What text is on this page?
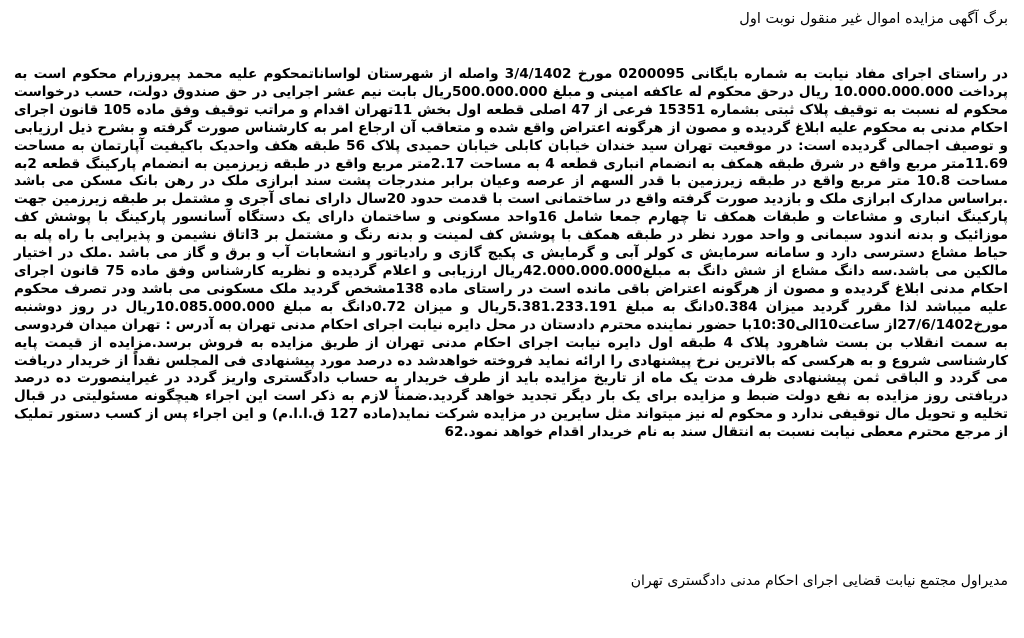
برگ آگهی مزایده اموال غیر منقول نوبت اول
در راستای اجرای مفاد نیابت به شماره بایگانی 0200095 مورخ 3/4/1402 واصله از شهرستان لواساناتمحکوم علیه محمد پیروزرام محکوم است به پرداخت 10.000.000.000 ریال درحق محکوم له عاکفه امینی و مبلغ 500.000.000ریال بابت نیم عشر اجرایی در حق صندوق دولت، حسب درخواست محکوم له نسبت به توقیف پلاک ثبتی بشماره 15351 فرعی از 47 اصلی قطعه اول بخش 11تهران اقدام و مراتب توقیف وفق ماده 105 قانون اجرای احکام مدنی به محکوم علیه ابلاغ گردیده و مصون از هرگونه اعتراض واقع شده و متعاقب آن ارجاع امر به کارشناس صورت گرفته و بشرح ذیل ارزیابی و توصیف اجمالی گردیده است: در موقعیت تهران سید خندان خیابان کابلی خیابان حمیدی پلاک 56 طبقه هکف واحدیک باکیفیت آپارتمان به مساحت 11.69متر مربع واقع در شرق طبقه همکف به انضمام انباری قطعه 4 به مساحت 2.17متر مربع واقع در طبقه زیرزمین به انضمام پارکینگ قطعه 2به مساحت 10.8 متر مربع واقع در طبقه زیرزمین با قدر السهم از عرصه وعیان برابر مندرجات پشت سند ابرازی ملک در رهن بانک مسکن می باشد .براساس مدارک ابرازی ملک و بازدید صورت گرفته واقع در ساختمانی است با قدمت حدود 20سال دارای نمای آجری و مشتمل بر طبقه زیرزمین جهت پارکینگ انباری و مشاعات و طبقات همکف تا چهارم جمعا شامل 16واحد مسکونی و ساختمان دارای یک دستگاه آسانسور پارکینگ با پوشش کف موزائیک و بدنه اندود سیمانی و واحد مورد نظر در طبقه همکف با پوشش کف لمینت و بدنه رنگ و مشتمل بر 3اتاق نشیمن و پذیرایی با راه پله به حیاط مشاع دسترسی دارد و سامانه سرمایش ی کولر آبی و گرمایش ی پکیج گازی و رادیاتور و انشعابات آب و برق و گاز می باشد .ملک در اختیار مالکین می باشد.سه دانگ مشاع از شش دانگ به مبلغ42.000.000.000ریال ارزیابی و اعلام گردیده و نظریه کارشناس وفق ماده 75 قانون اجرای احکام مدنی ابلاغ گردیده و مصون از هرگونه اعتراض باقی مانده است در راستای ماده 138مشخص گردید ملک مسکونی می باشد ودر تصرف محکوم علیه میباشد لذا مقرر گردید میزان 0.384دانگ به مبلغ 5.381.233.191ریال و میزان 0.72دانگ به مبلغ 10.085.000.000ریال در روز دوشنبه مورخ27/6/1402از ساعت10الی10:30با حضور نماینده محترم دادستان در محل دایره نیابت اجرای احکام مدنی تهران به آدرس : تهران میدان فردوسی به سمت انقلاب بن بست شاهرود پلاک 4 طبقه اول دایره نیابت اجرای احکام مدنی تهران از طریق مزایده به فروش برسد.مزایده از قیمت پایه کارشناسی شروع و به هرکسی که بالاترین نرخ پیشنهادی را ارائه نماید فروخته خواهدشد ده درصد مورد پیشنهادی فی المجلس نقداً از خریدار دریافت می گردد و الباقی ثمن پیشنهادی ظرف مدت یک ماه از تاریخ مزایده باید از طرف خریدار به حساب دادگستری واریز گردد در غیراینصورت ده درصد دریافتی روز مزایده به نفع دولت ضبط و مزایده برای یک بار دیگر تجدید خواهد گردید.ضمناً لازم به ذکر است این اجراء هیچگونه مسئولیتی در قبال تخلیه و تحویل مال توقیفی ندارد و محکوم له نیز میتواند مثل سایرین در مزایده شرکت نماید(ماده 127 ق.ا.ا.م) و این اجراء پس از کسب دستور تملیک از مرجع محترم معطی نیابت نسبت به انتقال سند به نام خریدار اقدام خواهد نمود.62
مدیراول مجتمع نیابت قضایی اجرای احکام مدنی دادگستری تهران
